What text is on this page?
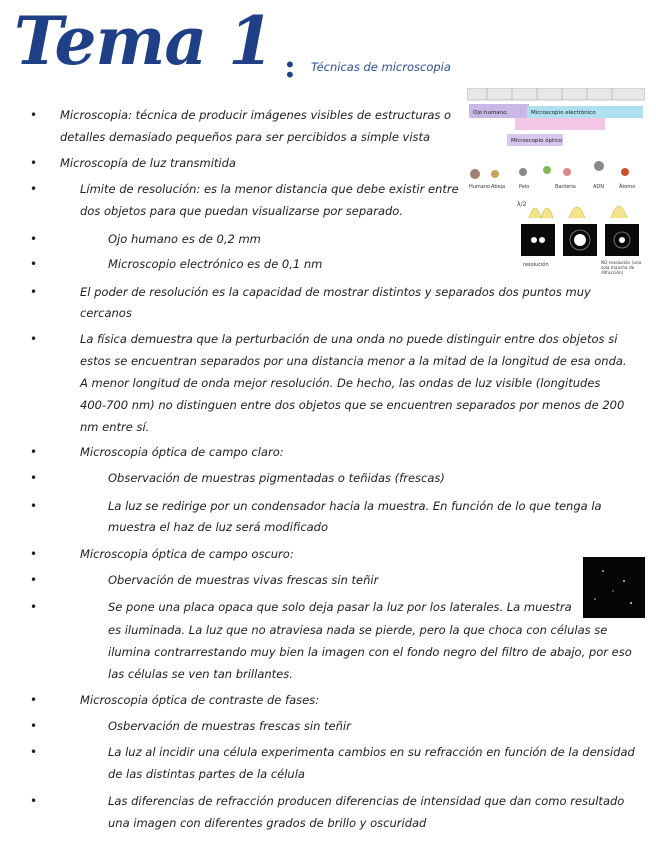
Tema 1 : Técnicas de microscopia
•
•
•
•
•
•
•
•
•
•
•
•
•
•
•
•
•
Microscopia: técnica de producir imágenes visibles de estructuras o
detalles demasiado pequeños para ser percibidos a simple vista
Microscopía de luz transmitida
Límite de resolución: es la menor distancia que debe existir entre
dos objetos para que puedan visualizarse por separado.
Ojo humano es de 0,2 mm
Microscopio electrónico es de 0,1 nm
El poder de resolución es la capacidad de mostrar distintos y separados dos puntos muy
cercanos
La física demuestra que la perturbación de una onda no puede distinguir entre dos objetos si
estos se encuentran separados por una distancia menor a la mitad de la longitud de esa onda.
A menor longitud de onda mejor resolución. De hecho, las ondas de luz visible (longitudes
400-700 nm) no distinguen entre dos objetos que se encuentren separados por menos de 200
nm entre sí.
Microscopia óptica de campo claro:
Observación de muestras pigmentadas o teñidas (frescas)
La luz se redirige por un condensador hacia la muestra. En función de lo que tenga la
muestra el haz de luz será modificado
Microscopia óptica de campo oscuro:
Obervación de muestras vivas frescas sin teñir
Se pone una placa opaca que solo deja pasar la luz por los laterales. La muestra
es iluminada. La luz que no atraviesa nada se pierde, pero la que choca con células se
ilumina contrarrestando muy bien la imagen con el fondo negro del filtro de abajo, por eso
las células se ven tan brillantes.
Microscopia óptica de contraste de fases:
Osbervación de muestras frescas sin teñir
La luz al incidir una célula experimenta cambios en su refracción en función de la densidad
de las distintas partes de la célula
Las diferencias de refracción producen diferencias de intensidad que dan como resultado
una imagen con diferentes grados de brillo y oscuridad
Ojo humano	Microscopio electrónico
Microscopio óptico
Humano Abeja	Pelo	Bacteria	ADN	Átomo
λ/2
resolución	NO resolución (una
sola mancha de
difracción)
